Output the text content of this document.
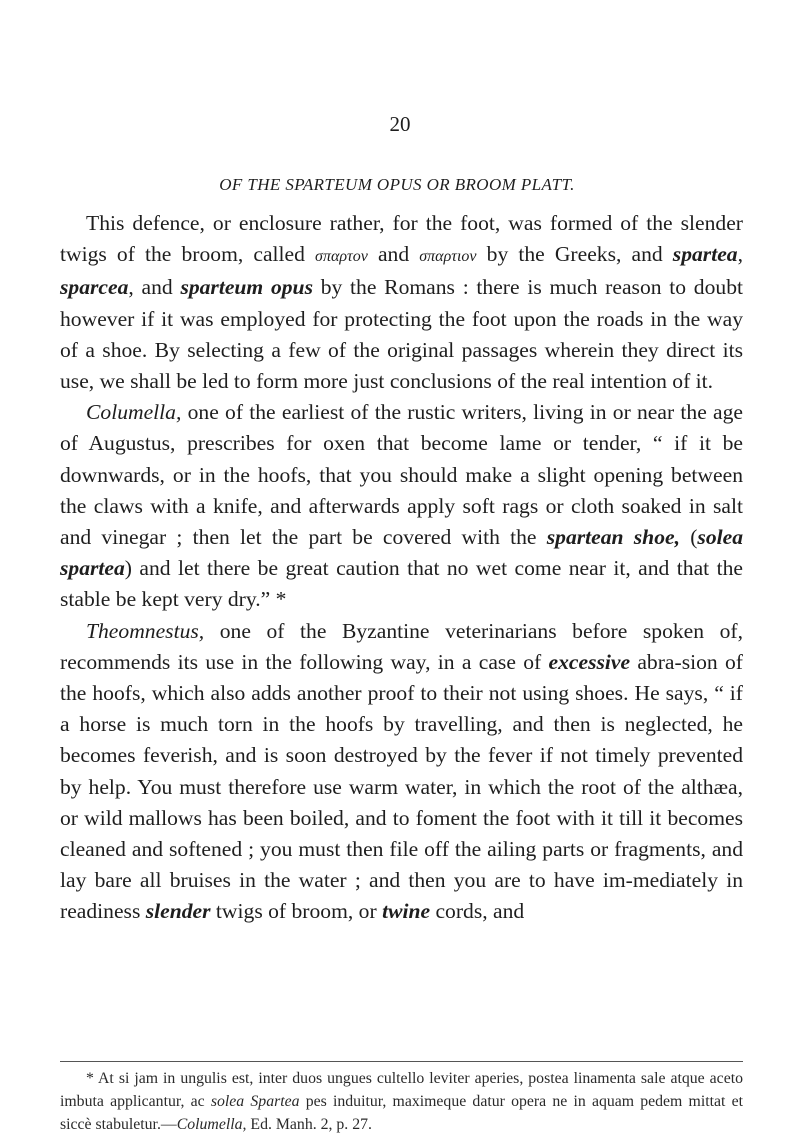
20
OF THE SPARTEUM OPUS OR BROOM PLATT.

This defence, or enclosure rather, for the foot, was formed of the slender twigs of the broom, called σπαρτον and σπαρτιον by the Greeks, and spartea, sparcea, and sparteum opus by the Romans : there is much reason to doubt however if it was employed for protecting the foot upon the roads in the way of a shoe. By selecting a few of the original passages wherein they direct its use, we shall be led to form more just conclusions of the real intention of it.

Columella, one of the earliest of the rustic writers, living in or near the age of Augustus, prescribes for oxen that become lame or tender, “ if it be downwards, or in the hoofs, that you should make a slight opening between the claws with a knife, and afterwards apply soft rags or cloth soaked in salt and vinegar ; then let the part be covered with the spartean shoe, (solea spartea) and let there be great caution that no wet come near it, and that the stable be kept very dry.” *

Theomnestus, one of the Byzantine veterinarians before spoken of, recommends its use in the following way, in a case of excessive abra-sion of the hoofs, which also adds another proof to their not using shoes. He says, “ if a horse is much torn in the hoofs by travelling, and then is neglected, he becomes feverish, and is soon destroyed by the fever if not timely prevented by help. You must therefore use warm water, in which the root of the althæa, or wild mallows has been boiled, and to foment the foot with it till it becomes cleaned and softened ; you must then file off the ailing parts or fragments, and lay bare all bruises in the water ; and then you are to have im-mediately in readiness slender twigs of broom, or twine cords, and

* At si jam in ungulis est, inter duos ungues cultello leviter aperies, postea linamenta sale atque aceto imbuta applicantur, ac solea Spartea pes induitur, maximeque datur opera ne in aquam pedem mittat et siccè stabuletur.—Columella, Ed. Manh. 2, p. 27.
